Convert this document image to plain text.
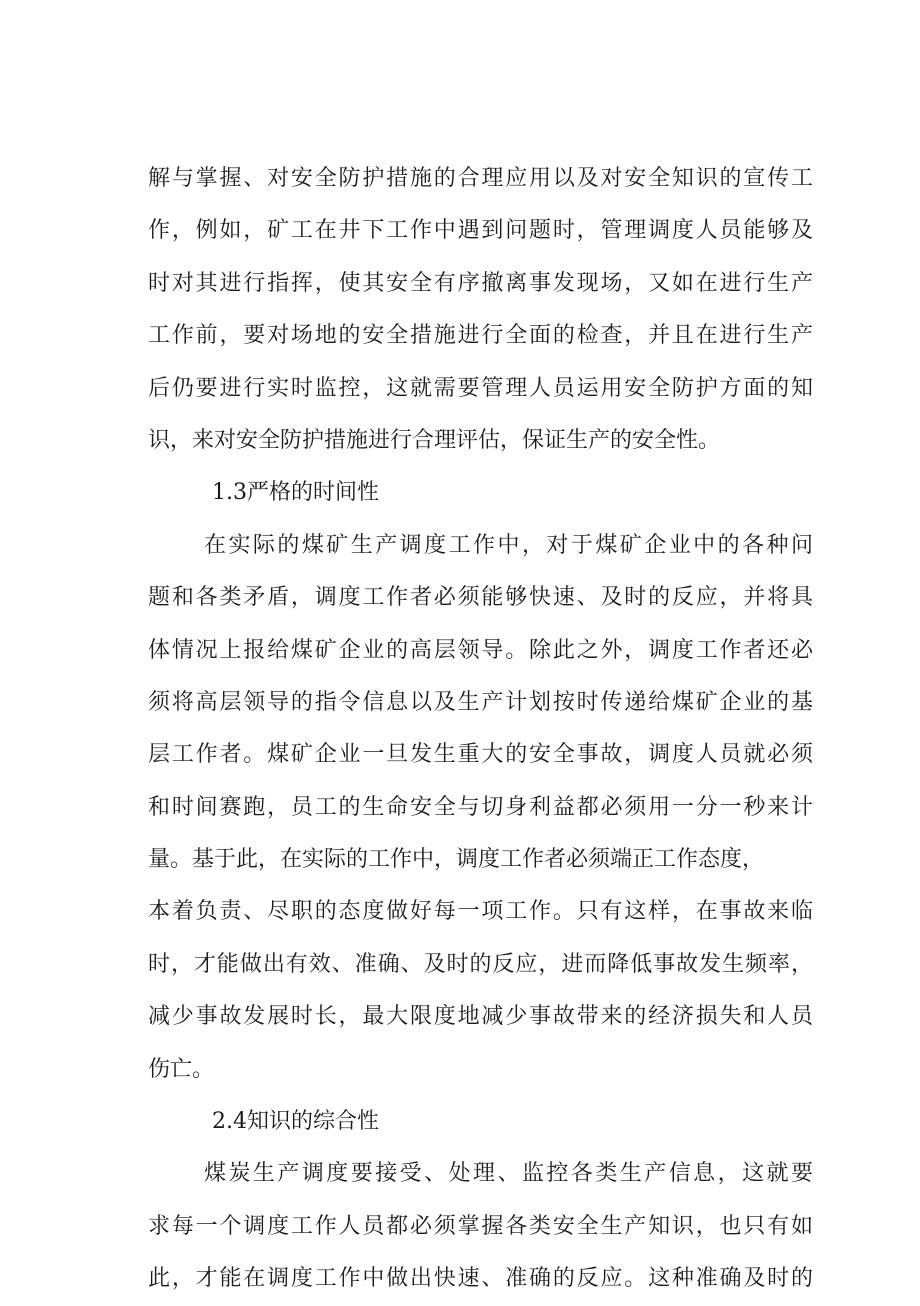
解与掌握、对安全防护措施的合理应用以及对安全知识的宣传工
作，例如，矿工在井下工作中遇到问题时，管理调度人员能够及
时对其进行指挥，使其安全有序撤离事发现场，又如在进行生产
工作前，要对场地的安全措施进行全面的检查，并且在进行生产
后仍要进行实时监控，这就需要管理人员运用安全防护方面的知
识，来对安全防护措施进行合理评估，保证生产的安全性。
1.3严格的时间性
在实际的煤矿生产调度工作中，对于煤矿企业中的各种问
题和各类矛盾，调度工作者必须能够快速、及时的反应，并将具
体情况上报给煤矿企业的高层领导。除此之外，调度工作者还必
须将高层领导的指令信息以及生产计划按时传递给煤矿企业的基
层工作者。煤矿企业一旦发生重大的安全事故，调度人员就必须
和时间赛跑，员工的生命安全与切身利益都必须用一分一秒来计
量。基于此，在实际的工作中，调度工作者必须端正工作态度，
本着负责、尽职的态度做好每一项工作。只有这样，在事故来临
时，才能做出有效、准确、及时的反应，进而降低事故发生频率，
减少事故发展时长，最大限度地减少事故带来的经济损失和人员
伤亡。
2.4知识的综合性
煤炭生产调度要接受、处理、监控各类生产信息，这就要
求每一个调度工作人员都必须掌握各类安全生产知识，也只有如
此，才能在调度工作中做出快速、准确的反应。这种准确及时的
